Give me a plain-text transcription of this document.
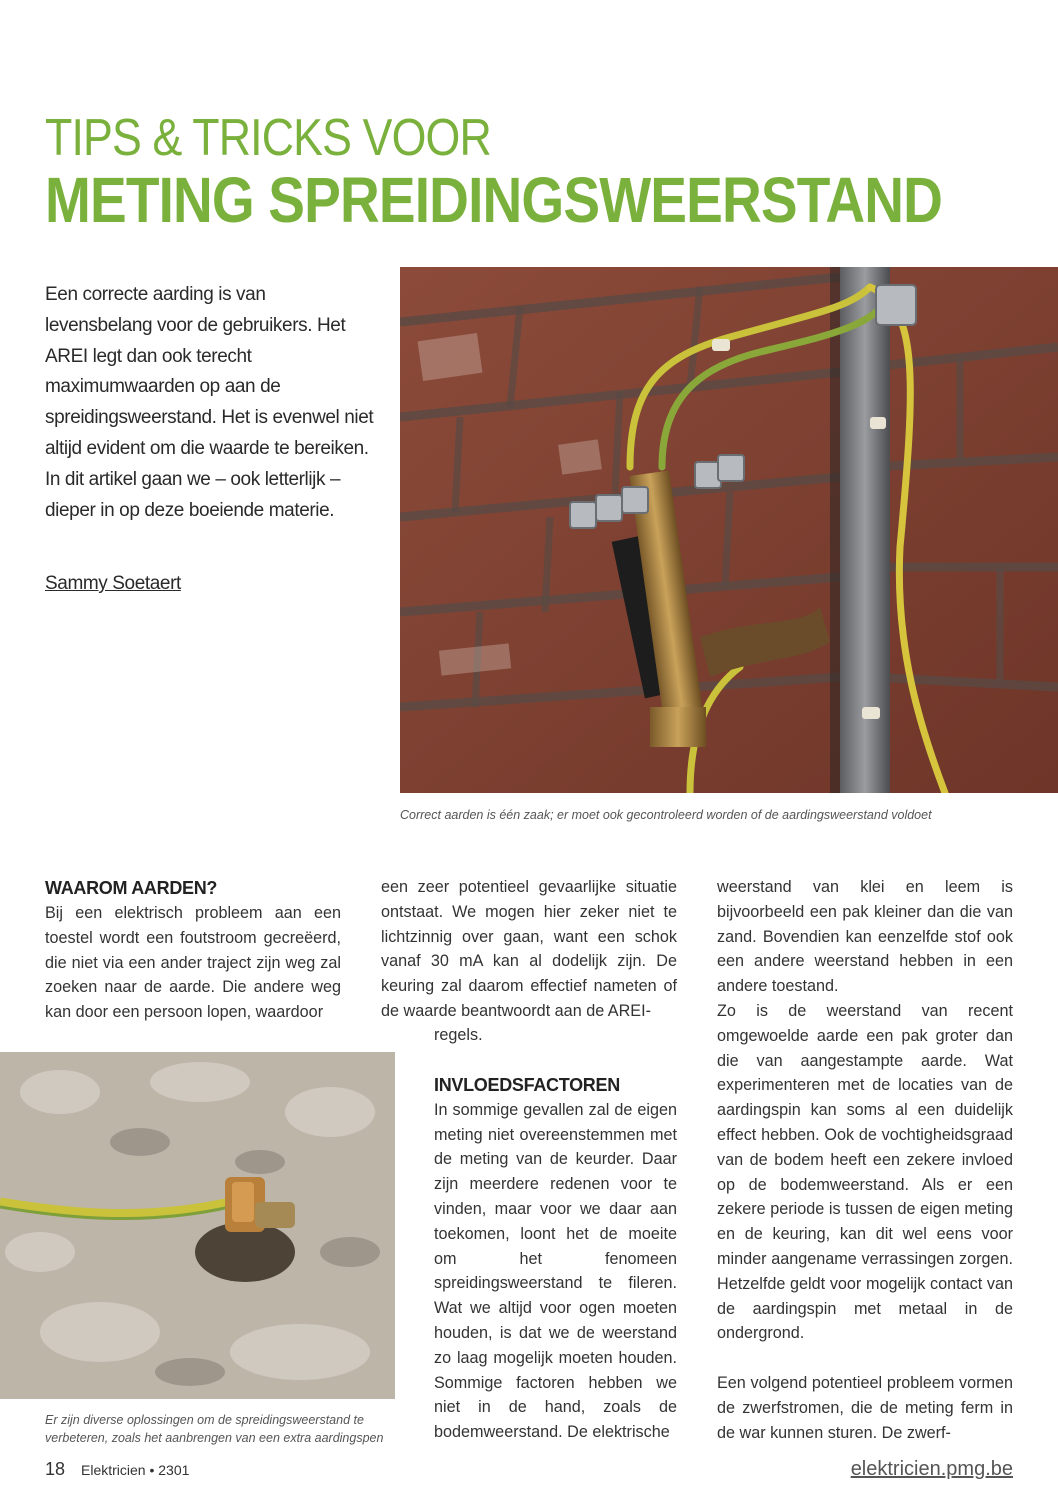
TIPS & TRICKS VOOR
METING SPREIDINGSWEERSTAND

Een correcte aarding is van levensbelang voor de gebruikers. Het AREI legt dan ook terecht maximumwaarden op aan de spreidingsweerstand. Het is evenwel niet altijd evident om die waarde te bereiken. In dit artikel gaan we – ook letterlijk – dieper in op deze boeiende materie.

Sammy Soetaert
Correct aarden is één zaak; er moet ook gecontroleerd worden of de aardingsweerstand voldoet
WAAROM AARDEN?

Bij een elektrisch probleem aan een toestel wordt een foutstroom gecreëerd, die niet via een ander traject zijn weg zal zoeken naar de aarde. Die andere weg kan door een persoon lopen, waardoor

Er zijn diverse oplossingen om de spreidingsweerstand te verbeteren, zoals het aanbrengen van een extra aardingspen

een zeer potentieel gevaarlijke situatie ontstaat. We mogen hier zeker niet te lichtzinnig over gaan, want een schok vanaf 30 mA kan al dodelijk zijn. De keuring zal daarom effectief nameten of de waarde beantwoordt aan de AREI-

regels.

INVLOEDSFACTOREN

In sommige gevallen zal de eigen meting niet overeenstemmen met de meting van de keurder. Daar zijn meerdere redenen voor te vinden, maar voor we daar aan toekomen, loont het de moeite om het fenomeen spreidingsweerstand te fileren. Wat we altijd voor ogen moeten houden, is dat we de weerstand zo laag mogelijk moeten houden. Sommige factoren hebben we niet in de hand, zoals de bodemweerstand. De elektrische

weerstand van klei en leem is bijvoorbeeld een pak kleiner dan die van zand. Bovendien kan eenzelfde stof ook een andere weerstand hebben in een andere toestand.

Zo is de weerstand van recent omgewoelde aarde een pak groter dan die van aangestampte aarde. Wat experimenteren met de locaties van de aardingspin kan soms al een duidelijk effect hebben. Ook de vochtigheidsgraad van de bodem heeft een zekere invloed op de bodemweerstand. Als er een zekere periode is tussen de eigen meting en de keuring, kan dit wel eens voor minder aangename verrassingen zorgen. Hetzelfde geldt voor mogelijk contact van de aardingspin met metaal in de ondergrond.

Een volgend potentieel probleem vormen de zwerfstromen, die de meting ferm in de war kunnen sturen. De zwerf-

18 Elektricien • 2301	elektricien.pmg.be
